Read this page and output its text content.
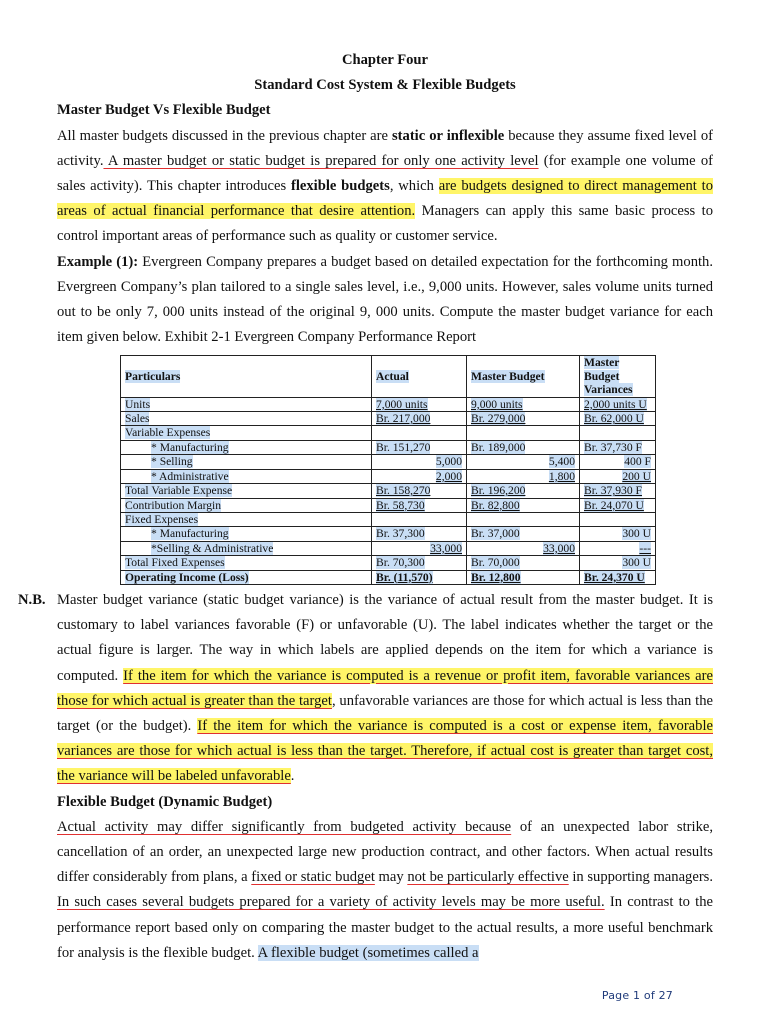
Chapter Four
Standard Cost System & Flexible Budgets
Master Budget Vs Flexible Budget
All master budgets discussed in the previous chapter are static or inflexible because they assume fixed level of activity. A master budget or static budget is prepared for only one activity level (for example one volume of sales activity). This chapter introduces flexible budgets, which are budgets designed to direct management to areas of actual financial performance that desire attention. Managers can apply this same basic process to control important areas of performance such as quality or customer service.
Example (1): Evergreen Company prepares a budget based on detailed expectation for the forthcoming month. Evergreen Company’s plan tailored to a single sales level, i.e., 9,000 units. However, sales volume units turned out to be only 7, 000 units instead of the original 9, 000 units. Compute the master budget variance for each item given below. Exhibit 2-1 Evergreen Company Performance Report
Particulars	Actual	Master Budget	Master Budget Variances
Units	7,000 units	9,000 units	2,000 units U
Sales	Br. 217,000	Br. 279,000	Br. 62,000 U
Variable Expenses			
* Manufacturing	Br. 151,270	Br. 189,000	Br. 37,730 F
* Selling	5,000	5,400	400 F
* Administrative	2,000	1,800	200 U
Total Variable Expense	Br. 158,270	Br. 196,200	Br. 37,930 F
Contribution Margin	Br. 58,730	Br. 82,800	Br. 24,070 U
Fixed Expenses			
* Manufacturing	Br. 37,300	Br. 37,000	300 U
*Selling & Administrative	33,000	33,000	---
Total Fixed Expenses	Br. 70,300	Br. 70,000	300 U
Operating Income (Loss)	Br. (11,570)	Br. 12,800	Br. 24,370 U
N.B. Master budget variance (static budget variance) is the variance of actual result from the master budget. It is customary to label variances favorable (F) or unfavorable (U). The label indicates whether the target or the actual figure is larger. The way in which labels are applied depends on the item for which a variance is computed. If the item for which the variance is computed is a revenue or profit item, favorable variances are those for which actual is greater than the target, unfavorable variances are those for which actual is less than the target (or the budget). If the item for which the variance is computed is a cost or expense item, favorable variances are those for which actual is less than the target. Therefore, if actual cost is greater than target cost, the variance will be labeled unfavorable.
Flexible Budget (Dynamic Budget)
Actual activity may differ significantly from budgeted activity because of an unexpected labor strike, cancellation of an order, an unexpected large new production contract, and other factors. When actual results differ considerably from plans, a fixed or static budget may not be particularly effective in supporting managers. In such cases several budgets prepared for a variety of activity levels may be more useful. In contrast to the performance report based only on comparing the master budget to the actual results, a more useful benchmark for analysis is the flexible budget. A flexible budget (sometimes called a
Page 1 of 27
